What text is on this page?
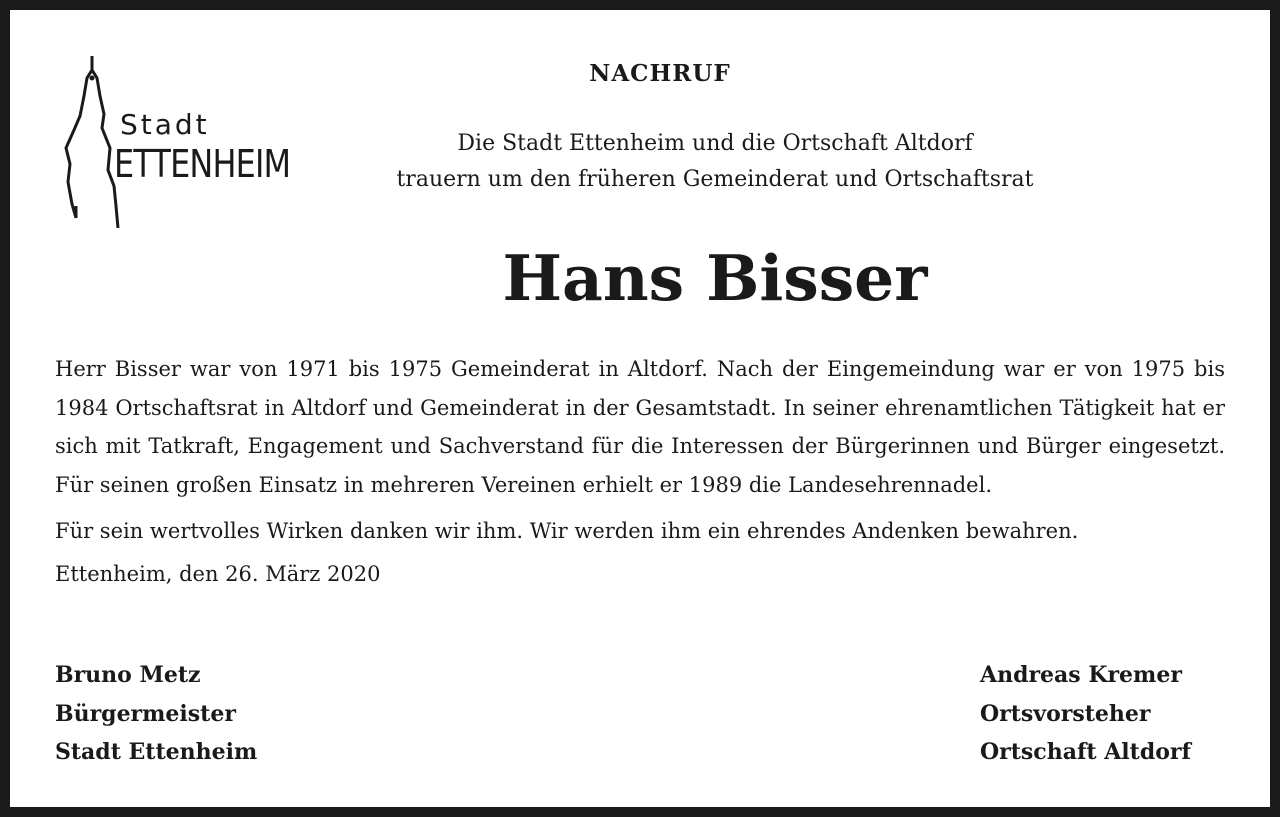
Stadt
ETTENHEIM
NACHRUF
Die Stadt Ettenheim und die Ortschaft Altdorf
trauern um den früheren Gemeinderat und Ortschaftsrat
Hans Bisser

Herr Bisser war von 1971 bis 1975 Gemeinderat in Altdorf. Nach der Eingemeindung war er von 1975 bis 1984 Ortschaftsrat in Altdorf und Gemeinderat in der Gesamtstadt. In seiner ehrenamtlichen Tätigkeit hat er sich mit Tatkraft, Engagement und Sachverstand für die Interessen der Bürgerinnen und Bürger eingesetzt. Für seinen großen Einsatz in mehreren Vereinen erhielt er 1989 die Landesehrennadel.

Für sein wertvolles Wirken danken wir ihm. Wir werden ihm ein ehrendes Andenken bewahren.

Ettenheim, den 26. März 2020

Bruno Metz
Bürgermeister
Stadt Ettenheim
Andreas Kremer
Ortsvorsteher
Ortschaft Altdorf
